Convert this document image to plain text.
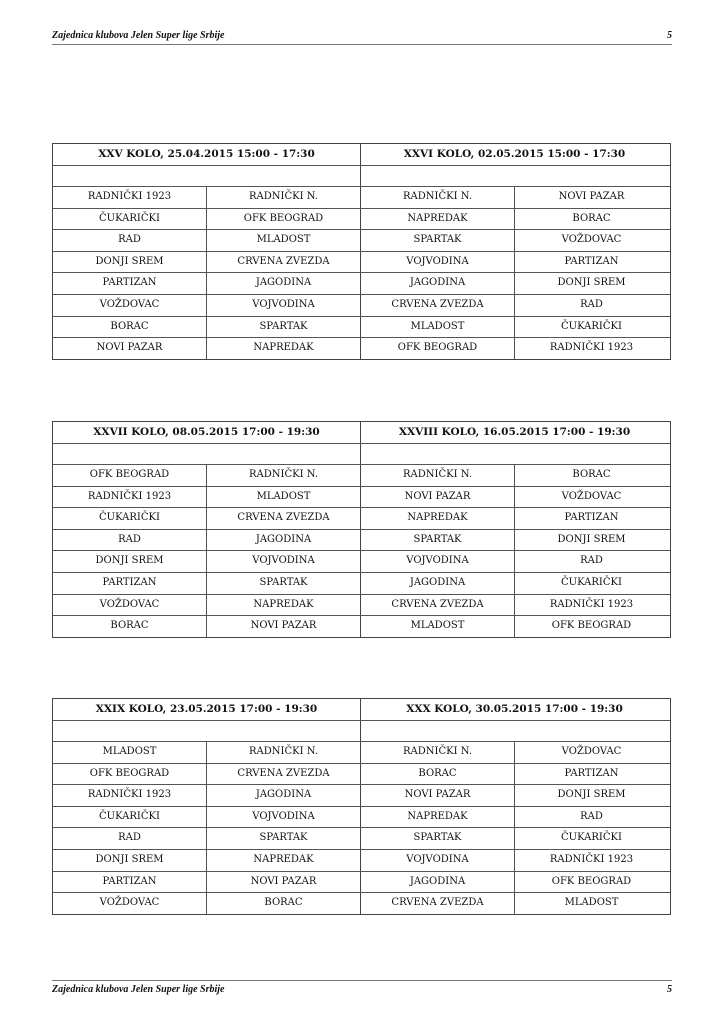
Zajednica klubova Jelen Super lige Srbije	5
XXV KOLO, 25.04.2015 15:00 - 17:30	XXVI KOLO, 02.05.2015 15:00 - 17:30
RADNIČKI 1923	RADNIČKI N.	RADNIČKI N.	NOVI PAZAR
ČUKARIČKI	OFK BEOGRAD	NAPREDAK	BORAC
RAD	MLADOST	SPARTAK	VOŽDOVAC
DONJI SREM	CRVENA ZVEZDA	VOJVODINA	PARTIZAN
PARTIZAN	JAGODINA	JAGODINA	DONJI SREM
VOŽDOVAC	VOJVODINA	CRVENA ZVEZDA	RAD
BORAC	SPARTAK	MLADOST	ČUKARIČKI
NOVI PAZAR	NAPREDAK	OFK BEOGRAD	RADNIČKI 1923
XXVII KOLO, 08.05.2015 17:00 - 19:30	XXVIII KOLO, 16.05.2015 17:00 - 19:30
OFK BEOGRAD	RADNIČKI N.	RADNIČKI N.	BORAC
RADNIČKI 1923	MLADOST	NOVI PAZAR	VOŽDOVAC
ČUKARIČKI	CRVENA ZVEZDA	NAPREDAK	PARTIZAN
RAD	JAGODINA	SPARTAK	DONJI SREM
DONJI SREM	VOJVODINA	VOJVODINA	RAD
PARTIZAN	SPARTAK	JAGODINA	ČUKARIČKI
VOŽDOVAC	NAPREDAK	CRVENA ZVEZDA	RADNIČKI 1923
BORAC	NOVI PAZAR	MLADOST	OFK BEOGRAD
XXIX KOLO, 23.05.2015 17:00 - 19:30	XXX KOLO, 30.05.2015 17:00 - 19:30
MLADOST	RADNIČKI N.	RADNIČKI N.	VOŽDOVAC
OFK BEOGRAD	CRVENA ZVEZDA	BORAC	PARTIZAN
RADNIČKI 1923	JAGODINA	NOVI PAZAR	DONJI SREM
ČUKARIČKI	VOJVODINA	NAPREDAK	RAD
RAD	SPARTAK	SPARTAK	ČUKARIČKI
DONJI SREM	NAPREDAK	VOJVODINA	RADNIČKI 1923
PARTIZAN	NOVI PAZAR	JAGODINA	OFK BEOGRAD
VOŽDOVAC	BORAC	CRVENA ZVEZDA	MLADOST
Zajednica klubova Jelen Super lige Srbije	5
